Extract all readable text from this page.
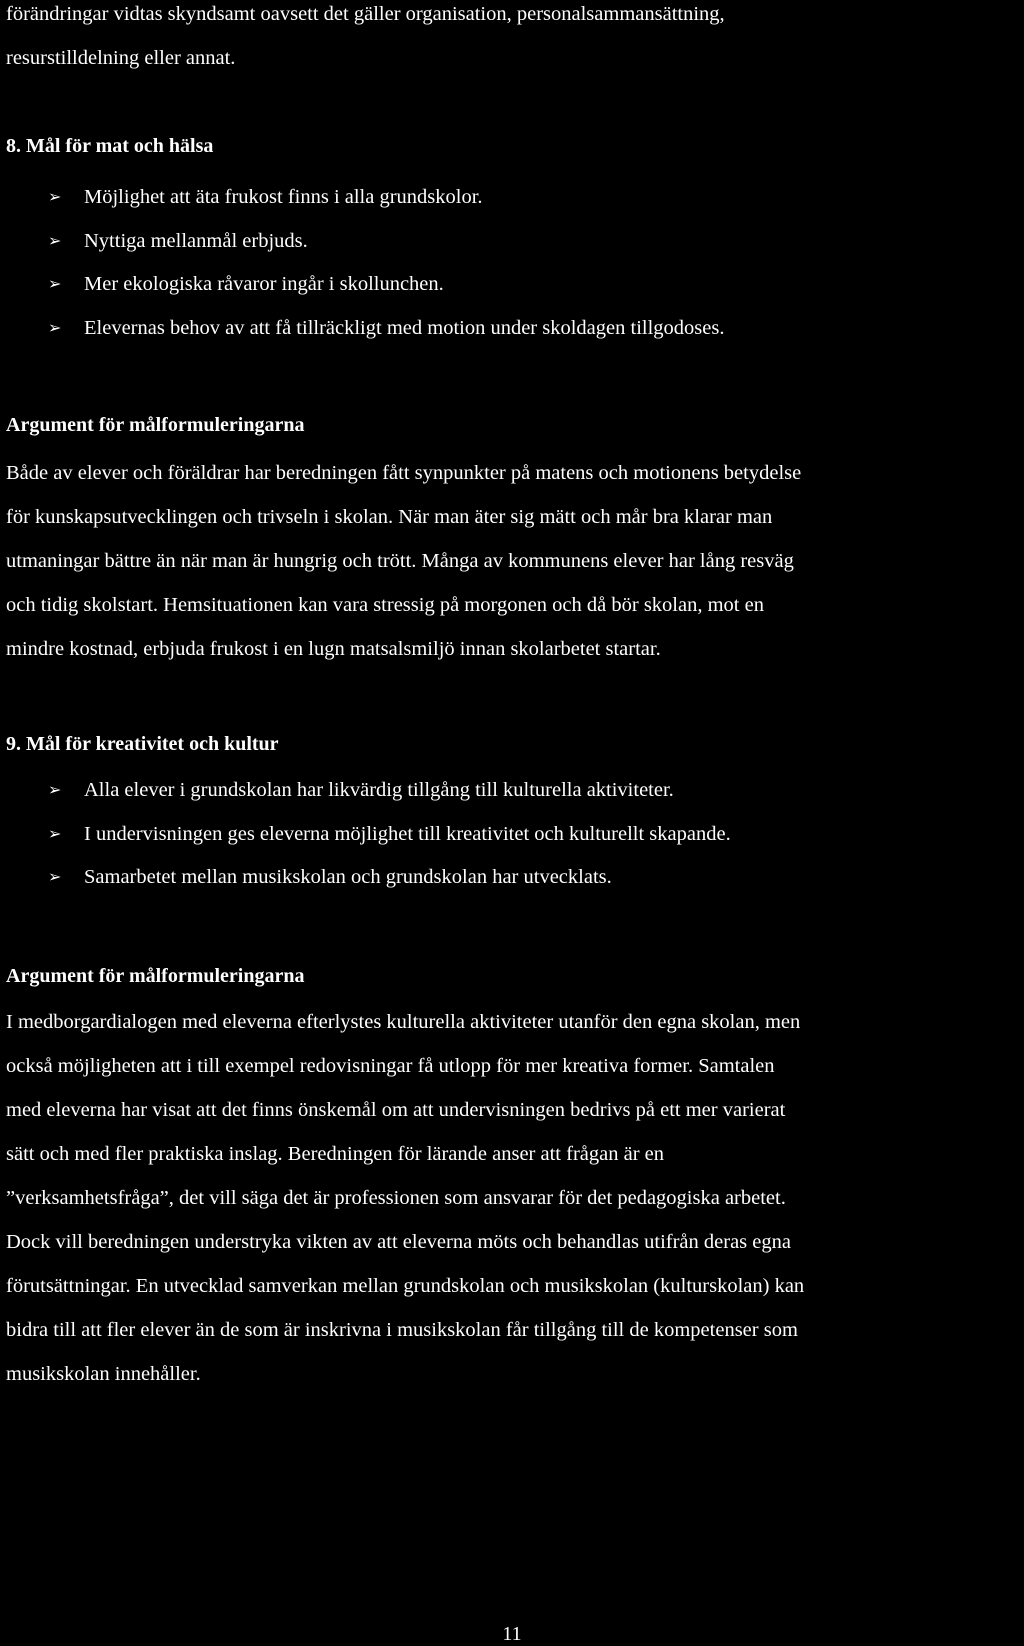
förändringar vidtas skyndsamt oavsett det gäller organisation, personalsammansättning,
resurstilldelning eller annat.

8. Mål för mat och hälsa
➢ Möjlighet att äta frukost finns i alla grundskolor.
➢ Nyttiga mellanmål erbjuds.
➢ Mer ekologiska råvaror ingår i skollunchen.
➢ Elevernas behov av att få tillräckligt med motion under skoldagen tillgodoses.
Argument för målformuleringarna

Både av elever och föräldrar har beredningen fått synpunkter på matens och motionens betydelse
för kunskapsutvecklingen och trivseln i skolan. När man äter sig mätt och mår bra klarar man
utmaningar bättre än när man är hungrig och trött. Många av kommunens elever har lång resväg
och tidig skolstart. Hemsituationen kan vara stressig på morgonen och då bör skolan, mot en
mindre kostnad, erbjuda frukost i en lugn matsalsmiljö innan skolarbetet startar.

9. Mål för kreativitet och kultur
➢ Alla elever i grundskolan har likvärdig tillgång till kulturella aktiviteter.
➢ I undervisningen ges eleverna möjlighet till kreativitet och kulturellt skapande.
➢ Samarbetet mellan musikskolan och grundskolan har utvecklats.
Argument för målformuleringarna

I medborgardialogen med eleverna efterlystes kulturella aktiviteter utanför den egna skolan, men
också möjligheten att i till exempel redovisningar få utlopp för mer kreativa former. Samtalen
med eleverna har visat att det finns önskemål om att undervisningen bedrivs på ett mer varierat
sätt och med fler praktiska inslag. Beredningen för lärande anser att frågan är en
”verksamhetsfråga”, det vill säga det är professionen som ansvarar för det pedagogiska arbetet.
Dock vill beredningen understryka vikten av att eleverna möts och behandlas utifrån deras egna
förutsättningar. En utvecklad samverkan mellan grundskolan och musikskolan (kulturskolan) kan
bidra till att fler elever än de som är inskrivna i musikskolan får tillgång till de kompetenser som
musikskolan innehåller.

11
